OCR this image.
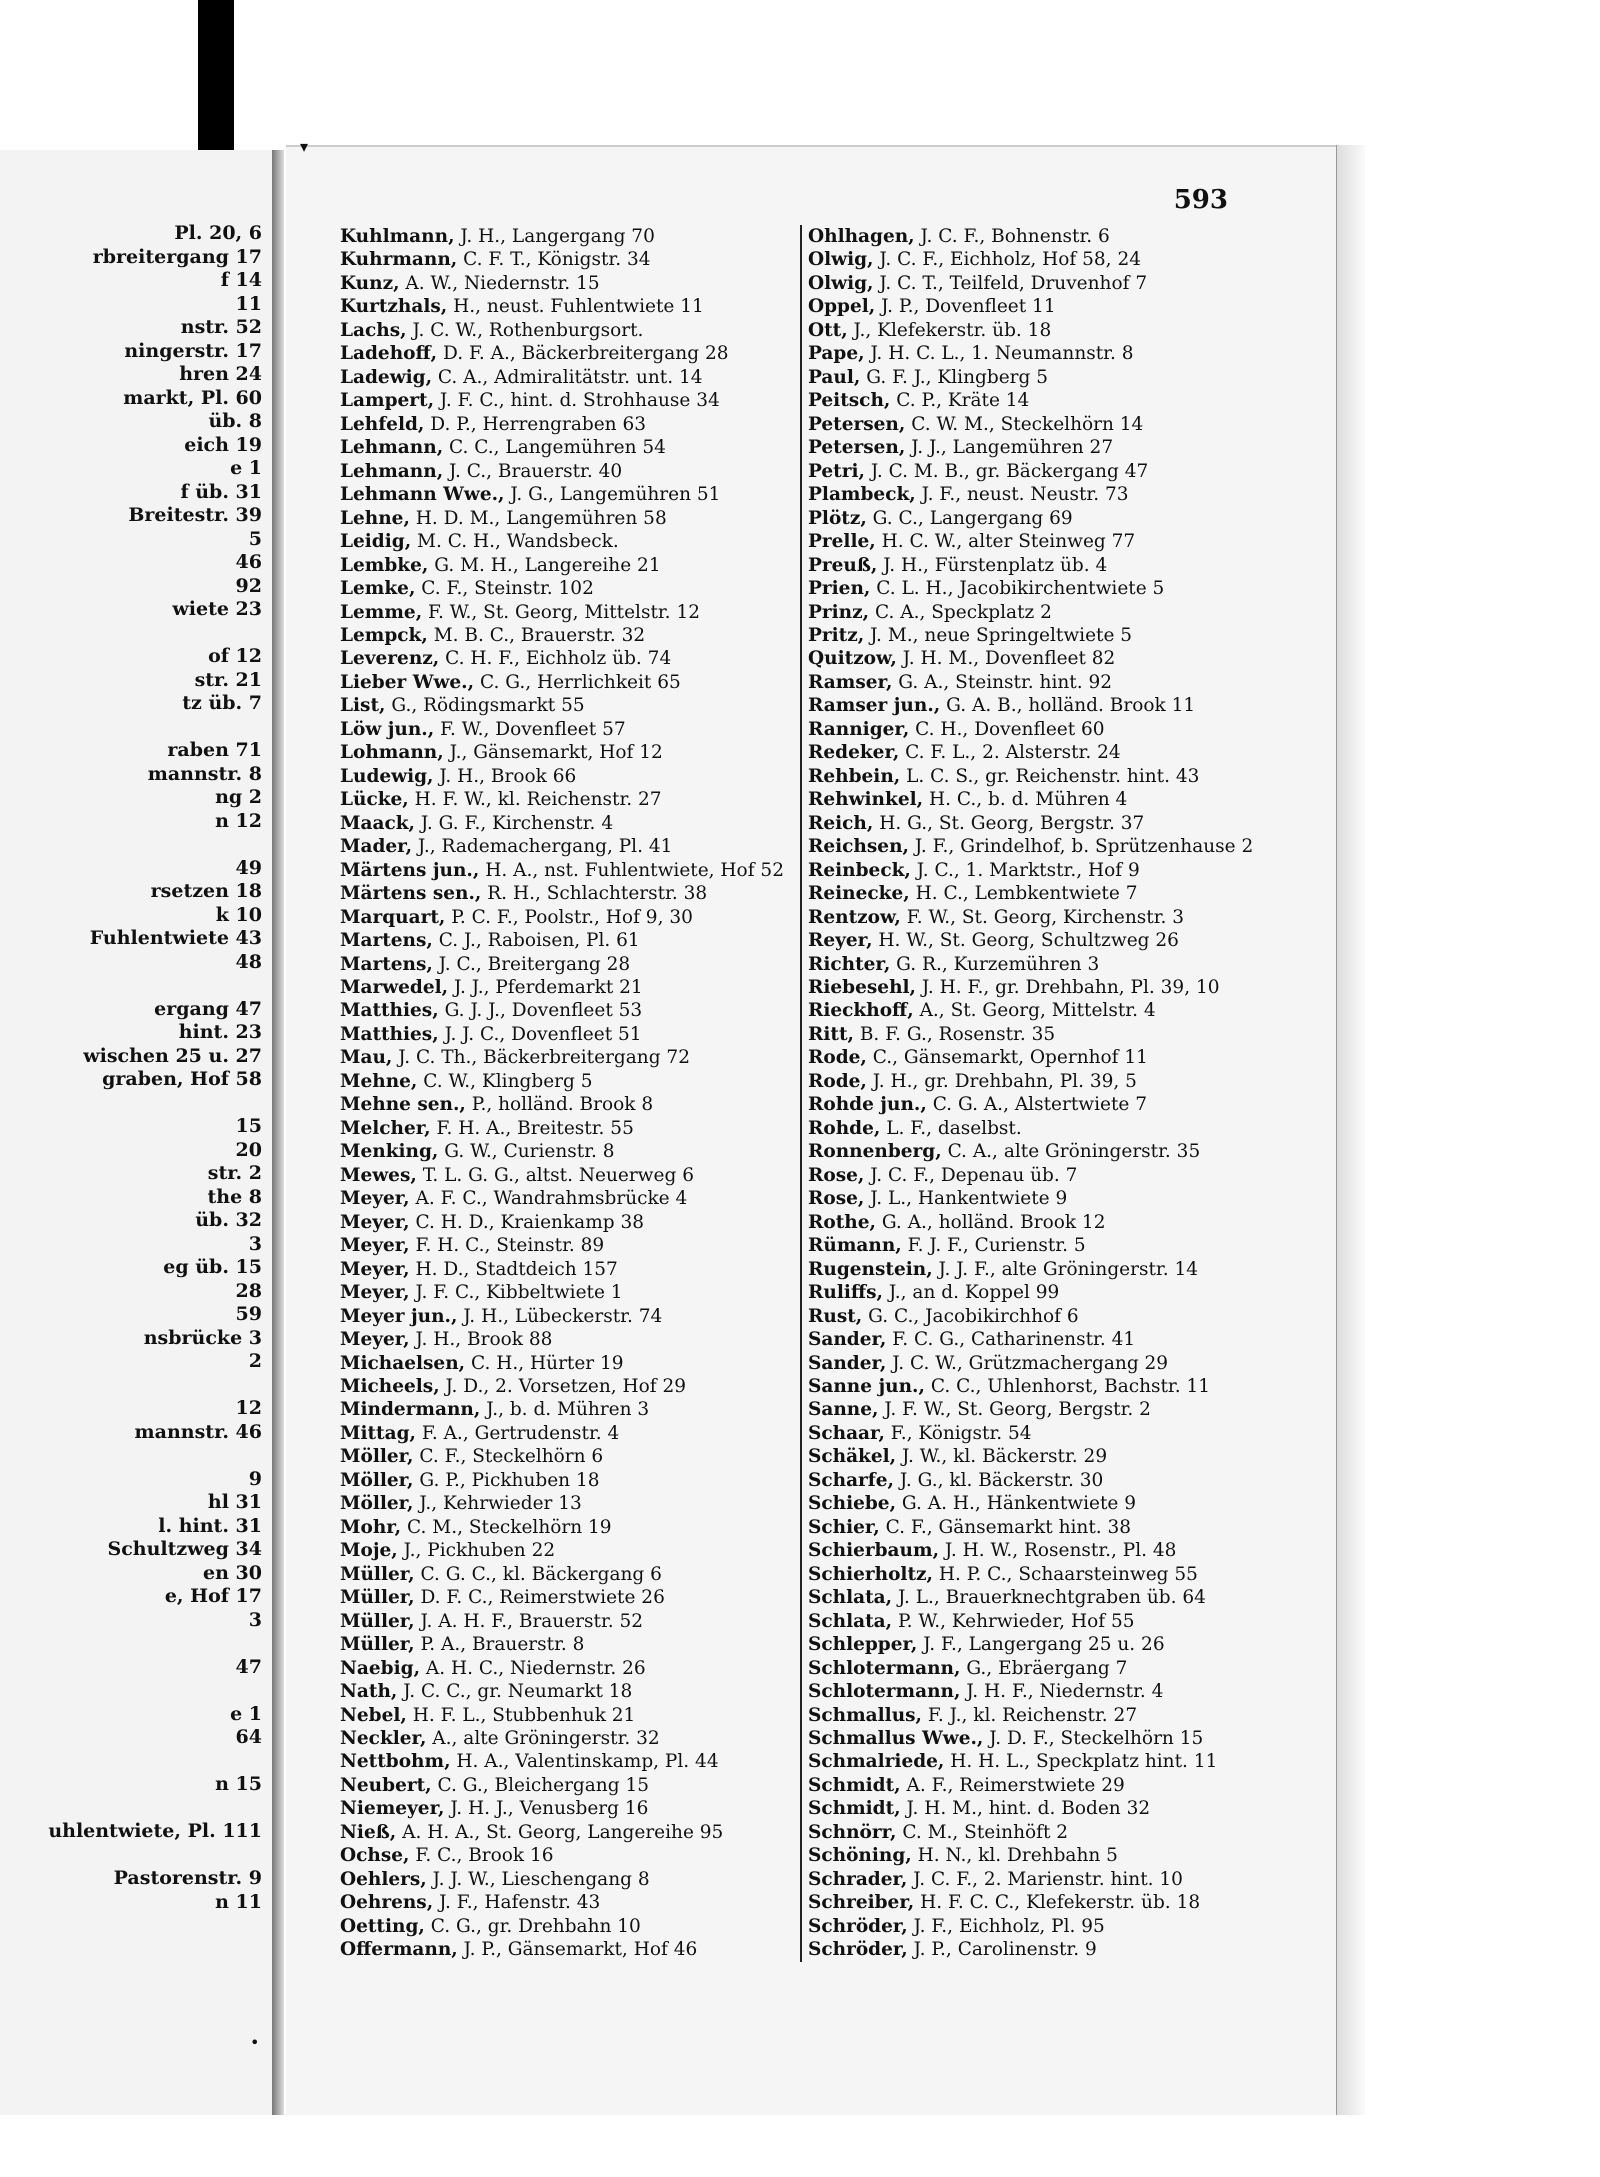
Pl. 20, 6
rbreitergang 17
f 14
11
nstr. 52
ningerstr. 17
hren 24
markt, Pl. 60
üb. 8
eich 19
e 1
f üb. 31
Breitestr. 39
5
46
92
wiete 23
of 12
str. 21
tz üb. 7
raben 71
mannstr. 8
ng 2
n 12
49
rsetzen 18
k 10
Fuhlentwiete 43
48
ergang 47
hint. 23
wischen 25 u. 27
graben, Hof 58
15
20
str. 2
the 8
üb. 32
3
eg üb. 15
28
59
nsbrücke 3
2
12
mannstr. 46
9
hl 31
l. hint. 31
Schultzweg 34
en 30
e, Hof 17
3
47
e 1
64
n 15
uhlentwiete, Pl. 111
Pastorenstr. 9
n 11
593
Kuhlmann, J. H., Langergang 70
Kuhrmann, C. F. T., Königstr. 34
Kunz, A. W., Niedernstr. 15
Kurtzhals, H., neust. Fuhlentwiete 11
Lachs, J. C. W., Rothenburgsort.
Ladehoff, D. F. A., Bäckerbreitergang 28
Ladewig, C. A., Admiralitätstr. unt. 14
Lampert, J. F. C., hint. d. Strohhause 34
Lehfeld, D. P., Herrengraben 63
Lehmann, C. C., Langemühren 54
Lehmann, J. C., Brauerstr. 40
Lehmann Wwe., J. G., Langemühren 51
Lehne, H. D. M., Langemühren 58
Leidig, M. C. H., Wandsbeck.
Lembke, G. M. H., Langereihe 21
Lemke, C. F., Steinstr. 102
Lemme, F. W., St. Georg, Mittelstr. 12
Lempck, M. B. C., Brauerstr. 32
Leverenz, C. H. F., Eichholz üb. 74
Lieber Wwe., C. G., Herrlichkeit 65
List, G., Rödingsmarkt 55
Löw jun., F. W., Dovenfleet 57
Lohmann, J., Gänsemarkt, Hof 12
Ludewig, J. H., Brook 66
Lücke, H. F. W., kl. Reichenstr. 27
Maack, J. G. F., Kirchenstr. 4
Mader, J., Rademachergang, Pl. 41
Märtens jun., H. A., nst. Fuhlentwiete, Hof 52
Märtens sen., R. H., Schlachterstr. 38
Marquart, P. C. F., Poolstr., Hof 9, 30
Martens, C. J., Raboisen, Pl. 61
Martens, J. C., Breitergang 28
Marwedel, J. J., Pferdemarkt 21
Matthies, G. J. J., Dovenfleet 53
Matthies, J. J. C., Dovenfleet 51
Mau, J. C. Th., Bäckerbreitergang 72
Mehne, C. W., Klingberg 5
Mehne sen., P., holländ. Brook 8
Melcher, F. H. A., Breitestr. 55
Menking, G. W., Curienstr. 8
Mewes, T. L. G. G., altst. Neuerweg 6
Meyer, A. F. C., Wandrahmsbrücke 4
Meyer, C. H. D., Kraienkamp 38
Meyer, F. H. C., Steinstr. 89
Meyer, H. D., Stadtdeich 157
Meyer, J. F. C., Kibbeltwiete 1
Meyer jun., J. H., Lübeckerstr. 74
Meyer, J. H., Brook 88
Michaelsen, C. H., Hürter 19
Micheels, J. D., 2. Vorsetzen, Hof 29
Mindermann, J., b. d. Mühren 3
Mittag, F. A., Gertrudenstr. 4
Möller, C. F., Steckelhörn 6
Möller, G. P., Pickhuben 18
Möller, J., Kehrwieder 13
Mohr, C. M., Steckelhörn 19
Moje, J., Pickhuben 22
Müller, C. G. C., kl. Bäckergang 6
Müller, D. F. C., Reimerstwiete 26
Müller, J. A. H. F., Brauerstr. 52
Müller, P. A., Brauerstr. 8
Naebig, A. H. C., Niedernstr. 26
Nath, J. C. C., gr. Neumarkt 18
Nebel, H. F. L., Stubbenhuk 21
Neckler, A., alte Gröningerstr. 32
Nettbohm, H. A., Valentinskamp, Pl. 44
Neubert, C. G., Bleichergang 15
Niemeyer, J. H. J., Venusberg 16
Nieß, A. H. A., St. Georg, Langereihe 95
Ochse, F. C., Brook 16
Oehlers, J. J. W., Lieschengang 8
Oehrens, J. F., Hafenstr. 43
Oetting, C. G., gr. Drehbahn 10
Offermann, J. P., Gänsemarkt, Hof 46
Ohlhagen, J. C. F., Bohnenstr. 6
Olwig, J. C. F., Eichholz, Hof 58, 24
Olwig, J. C. T., Teilfeld, Druvenhof 7
Oppel, J. P., Dovenfleet 11
Ott, J., Klefekerstr. üb. 18
Pape, J. H. C. L., 1. Neumannstr. 8
Paul, G. F. J., Klingberg 5
Peitsch, C. P., Kräte 14
Petersen, C. W. M., Steckelhörn 14
Petersen, J. J., Langemühren 27
Petri, J. C. M. B., gr. Bäckergang 47
Plambeck, J. F., neust. Neustr. 73
Plötz, G. C., Langergang 69
Prelle, H. C. W., alter Steinweg 77
Preuß, J. H., Fürstenplatz üb. 4
Prien, C. L. H., Jacobikirchentwiete 5
Prinz, C. A., Speckplatz 2
Pritz, J. M., neue Springeltwiete 5
Quitzow, J. H. M., Dovenfleet 82
Ramser, G. A., Steinstr. hint. 92
Ramser jun., G. A. B., holländ. Brook 11
Ranniger, C. H., Dovenfleet 60
Redeker, C. F. L., 2. Alsterstr. 24
Rehbein, L. C. S., gr. Reichenstr. hint. 43
Rehwinkel, H. C., b. d. Mühren 4
Reich, H. G., St. Georg, Bergstr. 37
Reichsen, J. F., Grindelhof, b. Sprützenhause 2
Reinbeck, J. C., 1. Marktstr., Hof 9
Reinecke, H. C., Lembkentwiete 7
Rentzow, F. W., St. Georg, Kirchenstr. 3
Reyer, H. W., St. Georg, Schultzweg 26
Richter, G. R., Kurzemühren 3
Riebesehl, J. H. F., gr. Drehbahn, Pl. 39, 10
Rieckhoff, A., St. Georg, Mittelstr. 4
Ritt, B. F. G., Rosenstr. 35
Rode, C., Gänsemarkt, Opernhof 11
Rode, J. H., gr. Drehbahn, Pl. 39, 5
Rohde jun., C. G. A., Alstertwiete 7
Rohde, L. F., daselbst.
Ronnenberg, C. A., alte Gröningerstr. 35
Rose, J. C. F., Depenau üb. 7
Rose, J. L., Hankentwiete 9
Rothe, G. A., holländ. Brook 12
Rümann, F. J. F., Curienstr. 5
Rugenstein, J. J. F., alte Gröningerstr. 14
Ruliffs, J., an d. Koppel 99
Rust, G. C., Jacobikirchhof 6
Sander, F. C. G., Catharinenstr. 41
Sander, J. C. W., Grützmachergang 29
Sanne jun., C. C., Uhlenhorst, Bachstr. 11
Sanne, J. F. W., St. Georg, Bergstr. 2
Schaar, F., Königstr. 54
Schäkel, J. W., kl. Bäckerstr. 29
Scharfe, J. G., kl. Bäckerstr. 30
Schiebe, G. A. H., Hänkentwiete 9
Schier, C. F., Gänsemarkt hint. 38
Schierbaum, J. H. W., Rosenstr., Pl. 48
Schierholtz, H. P. C., Schaarsteinweg 55
Schlata, J. L., Brauerknechtgraben üb. 64
Schlata, P. W., Kehrwieder, Hof 55
Schlepper, J. F., Langergang 25 u. 26
Schlotermann, G., Ebräergang 7
Schlotermann, J. H. F., Niedernstr. 4
Schmallus, F. J., kl. Reichenstr. 27
Schmallus Wwe., J. D. F., Steckelhörn 15
Schmalriede, H. H. L., Speckplatz hint. 11
Schmidt, A. F., Reimerstwiete 29
Schmidt, J. H. M., hint. d. Boden 32
Schnörr, C. M., Steinhöft 2
Schöning, H. N., kl. Drehbahn 5
Schrader, J. C. F., 2. Marienstr. hint. 10
Schreiber, H. F. C. C., Klefekerstr. üb. 18
Schröder, J. F., Eichholz, Pl. 95
Schröder, J. P., Carolinenstr. 9
▾
•
